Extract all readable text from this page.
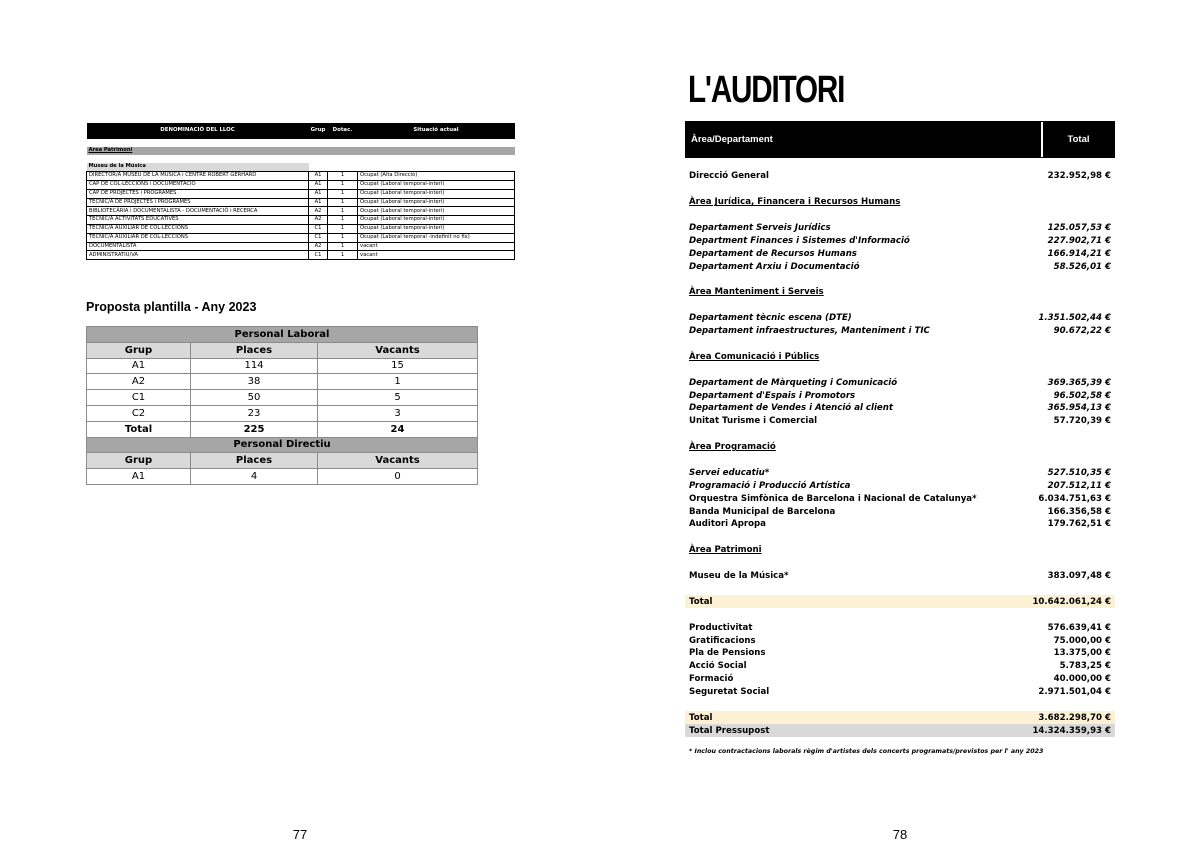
DENOMINACIÓ DEL LLOC	Grup	Dotac.	Situació actual

Àrea Patrimoni			

Museu de la Música			
DIRECTOR/A MUSEU DE LA MÚSICA i CENTRE ROBERT GERHARD	A1	1	Ocupat (Alta Direcció)
CAP DE COL·LECCIONS i DOCUMENTACIÓ	A1	1	Ocupat (Laboral temporal-interi)
CAP DE PROJECTES i PROGRAMES	A1	1	Ocupat (Laboral temporal-interi)
TÈCNIC/A DE PROJECTES i PROGRAMES	A1	1	Ocupat (Laboral temporal-interi)
BIBLIOTECÀRIA i DOCUMENTALISTA - DOCUMENTACIÓ i RECERCA	A2	1	Ocupat (Laboral temporal-interi)
TÈCNIC/A ACTIVITATS EDUCATIVES	A2	1	Ocupat (Laboral temporal-interi)
TÈCNIC/A AUXILIAR DE COL·LECCIONS	C1	1	Ocupat (Laboral temporal-interi)
TÈCNIC/A AUXILIAR DE COL·LECCIONS	C1	1	Ocupat (Laboral temporal -indefinit no fix)
DOCUMENTALISTA	A2	1	vacant
ADMINISTRATIU/VA	C1	1	vacant
Proposta plantilla - Any 2023
Personal Laboral		
Grup	Places	Vacants
A1	114	15
A2	38	1
C1	50	5
C2	23	3
Total	225	24
Personal Directiu		
Grup	Places	Vacants
A1	4	0
77
L'AUDITORI
Àrea/Departament	Total
Direcció General	232.952,98 €
Àrea Jurídica, Financera i Recursos Humans
Departament Serveis Jurídics	125.057,53 €
Department Finances i Sistemes d'Informació	227.902,71 €
Departament de Recursos Humans	166.914,21 €
Departament Arxiu i Documentació	58.526,01 €
Àrea Manteniment i Serveis
Departament tècnic escena (DTE)	1.351.502,44 €
Departament infraestructures, Manteniment i TIC	90.672,22 €
Àrea Comunicació i Públics
Departament de Màrqueting i Comunicació	369.365,39 €
Departament d'Espais i Promotors	96.502,58 €
Departament de Vendes i Atenció al client	365.954,13 €
Unitat Turisme i Comercial	57.720,39 €
Àrea Programació
Servei educatiu*	527.510,35 €
Programació i Producció Artística	207.512,11 €
Orquestra Simfònica de Barcelona i Nacional de Catalunya*	6.034.751,63 €
Banda Municipal de Barcelona	166.356,58 €
Auditori Apropa	179.762,51 €
Àrea Patrimoni
Museu de la Música*	383.097,48 €
Total	10.642.061,24 €
Productivitat	576.639,41 €
Gratificacions	75.000,00 €
Pla de Pensions	13.375,00 €
Acció Social	5.783,25 €
Formació	40.000,00 €
Seguretat Social	2.971.501,04 €
Total	3.682.298,70 €
Total Pressupost	14.324.359,93 €
* Inclou contractacions laborals règim d'artistes dels concerts programats/previstos per l' any 2023
78
